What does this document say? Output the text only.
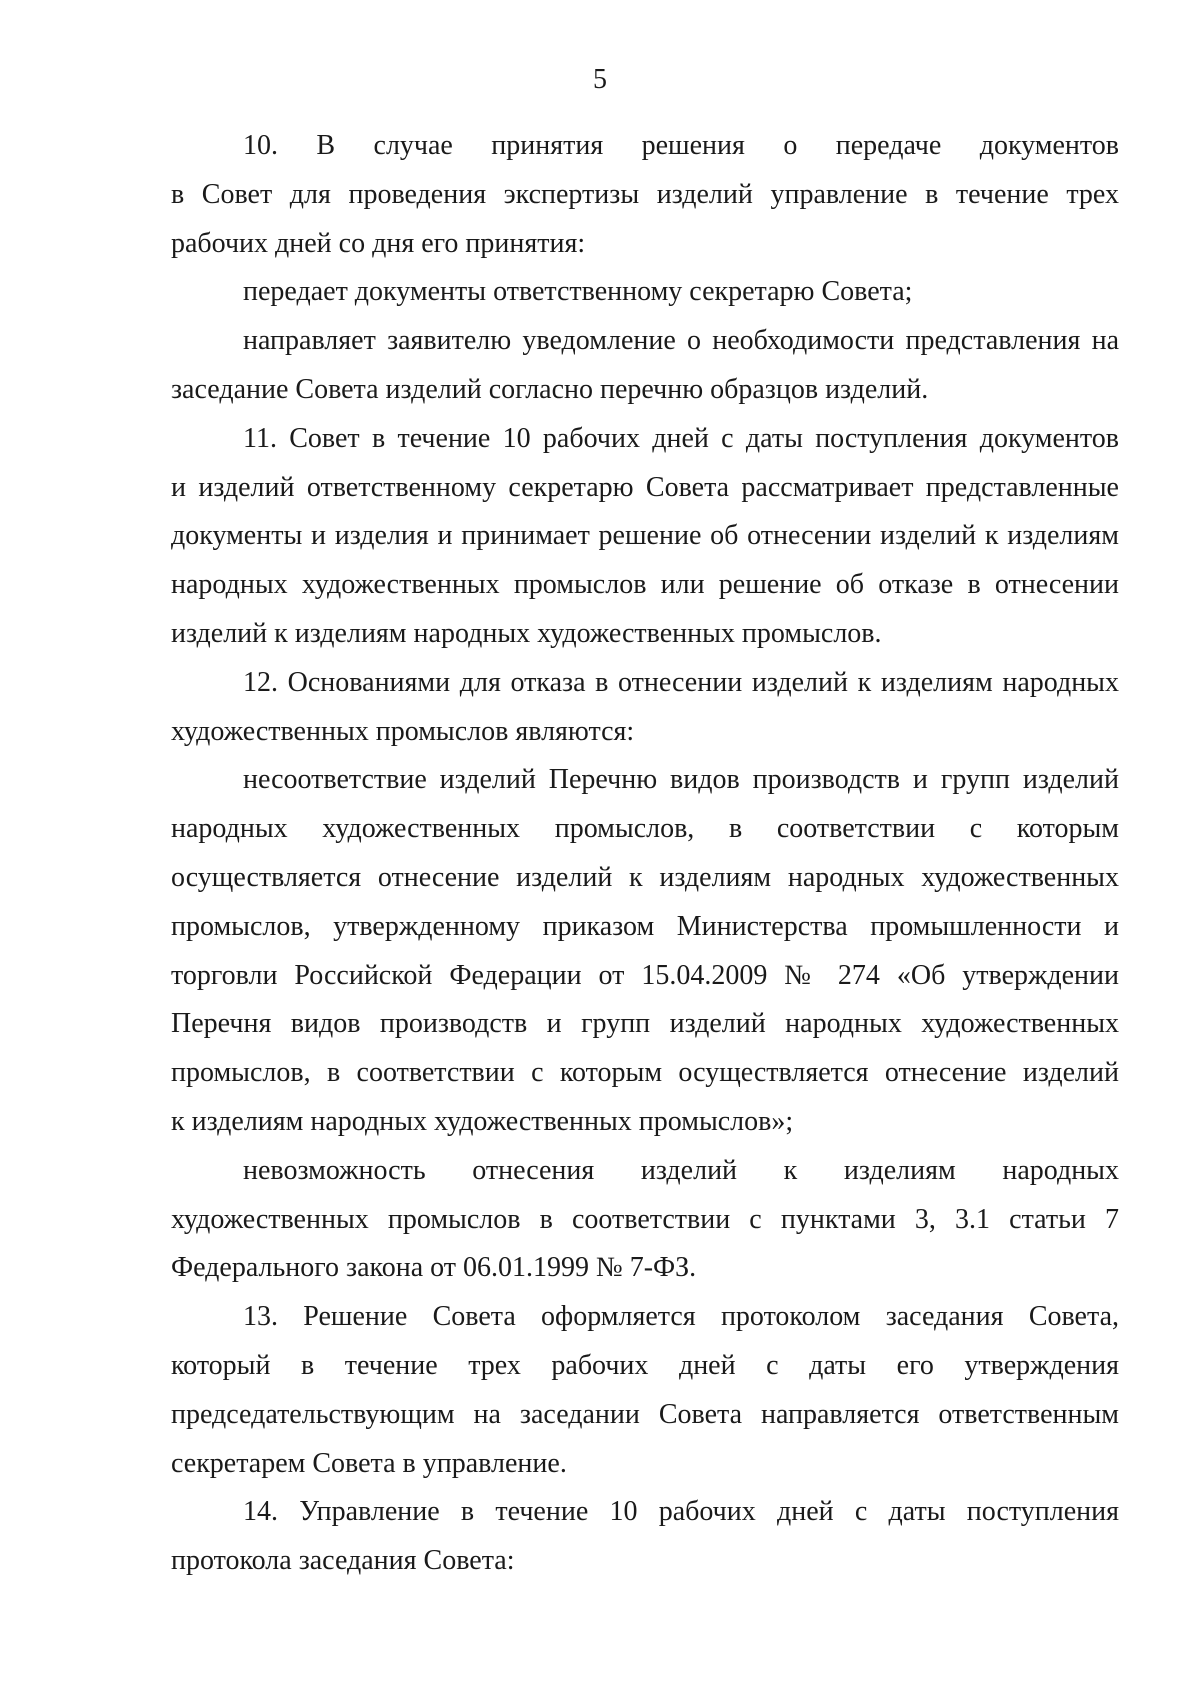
5
10. В случае принятия решения о передаче документов
в Совет для проведения экспертизы изделий управление в течение трех
рабочих дней со дня его принятия:
передает документы ответственному секретарю Совета;
направляет заявителю уведомление о необходимости представления на
заседание Совета изделий согласно перечню образцов изделий.
11. Совет в течение 10 рабочих дней с даты поступления документов
и изделий ответственному секретарю Совета рассматривает представленные
документы и изделия и принимает решение об отнесении изделий к изделиям
народных художественных промыслов или решение об отказе в отнесении
изделий к изделиям народных художественных промыслов.
12. Основаниями для отказа в отнесении изделий к изделиям народных
художественных промыслов являются:
несоответствие изделий Перечню видов производств и групп изделий
народных художественных промыслов, в соответствии с которым
осуществляется отнесение изделий к изделиям народных художественных
промыслов, утвержденному приказом Министерства промышленности и
торговли Российской Федерации от 15.04.2009 № 274 «Об утверждении
Перечня видов производств и групп изделий народных художественных
промыслов, в соответствии с которым осуществляется отнесение изделий
к изделиям народных художественных промыслов»;
невозможность отнесения изделий к изделиям народных
художественных промыслов в соответствии с пунктами 3, 3.1 статьи 7
Федерального закона от 06.01.1999 № 7-ФЗ.
13. Решение Совета оформляется протоколом заседания Совета,
который в течение трех рабочих дней с даты его утверждения
председательствующим на заседании Совета направляется ответственным
секретарем Совета в управление.
14. Управление в течение 10 рабочих дней с даты поступления
протокола заседания Совета:
